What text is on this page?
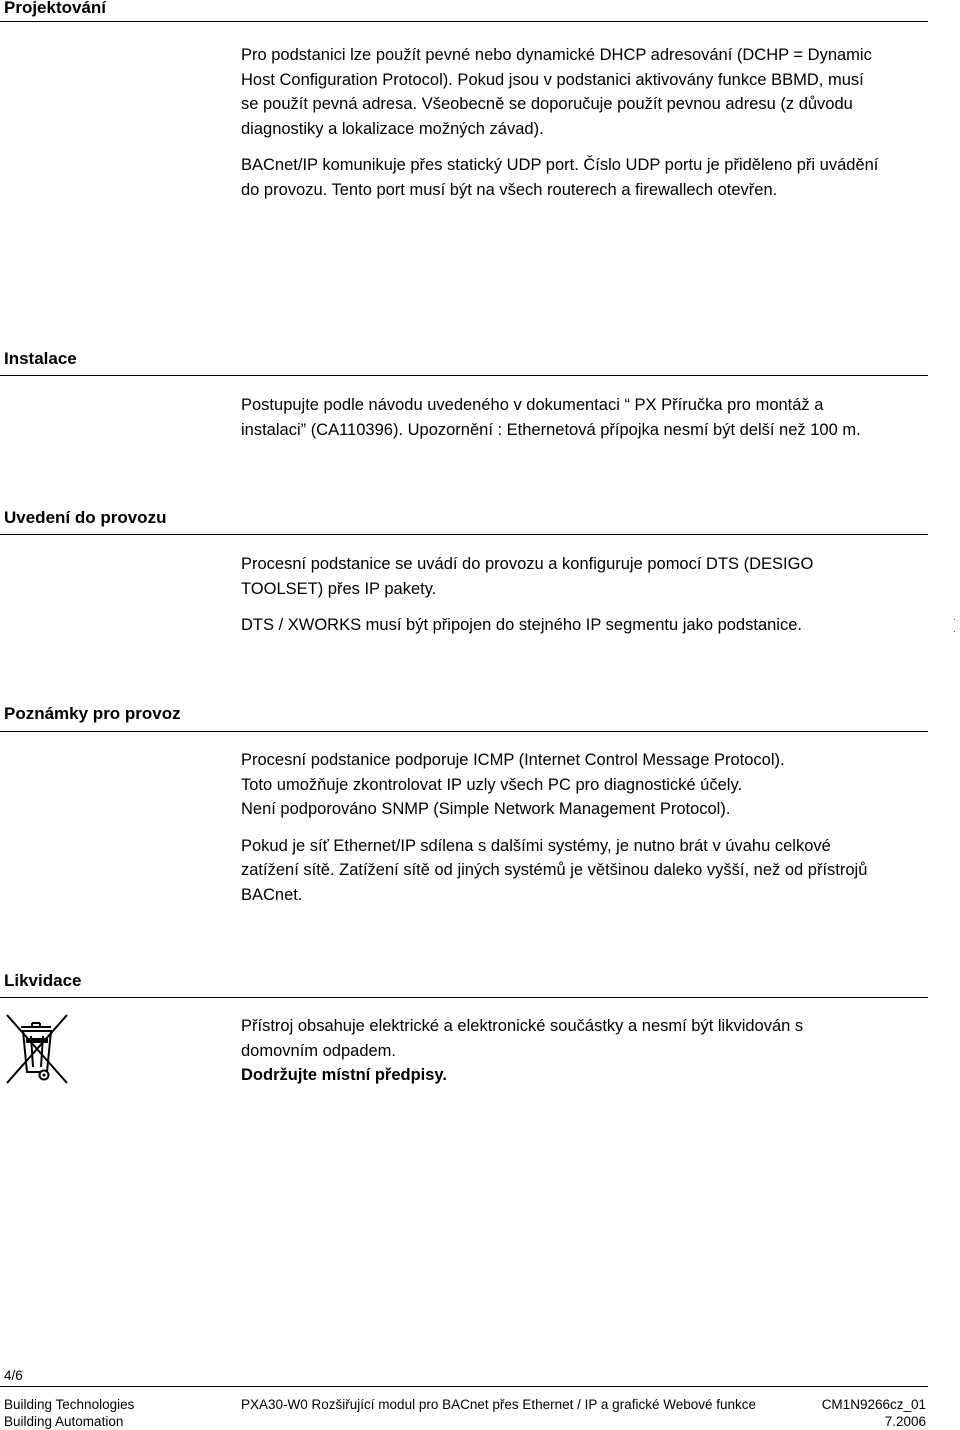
Projektování

Pro podstanici lze použít pevné nebo dynamické DHCP adresování (DCHP = Dynamic
Host Configuration Protocol). Pokud jsou v podstanici aktivovány funkce BBMD, musí
se použít pevná adresa. Všeobecně se doporučuje použít pevnou adresu (z důvodu
diagnostiky a lokalizace možných závad).

BACnet/IP komunikuje přes statický UDP port. Číslo UDP portu je přiděleno při uvádění
do provozu. Tento port musí být na všech routerech a firewallech otevřen.

Instalace

Postupujte podle návodu uvedeného v dokumentaci “ PX Příručka pro montáž a
instalaci” (CA110396). Upozornění : Ethernetová přípojka nesmí být delší než 100 m.

Uvedení do provozu

Procesní podstanice se uvádí do provozu a konfiguruje pomocí DTS (DESIGO
TOOLSET) přes IP pakety.

DTS / XWORKS musí být připojen do stejného IP segmentu jako podstanice.	.
.
Poznámky pro provoz

Procesní podstanice podporuje ICMP (Internet Control Message Protocol).
Toto umožňuje zkontrolovat IP uzly všech PC pro diagnostické účely.
Není podporováno SNMP (Simple Network Management Protocol).

Pokud je síť Ethernet/IP sdílena s dalšími systémy, je nutno brát v úvahu celkové
zatížení sítě. Zatížení sítě od jiných systémů je většinou daleko vyšší, než od přístrojů
BACnet.

Likvidace

Přístroj obsahuje elektrické a elektronické součástky a nesmí být likvidován s
domovním odpadem.
Dodržujte místní předpisy.

4/6
Building Technologies
Building Automation
PXA30-W0 Rozšiřující modul pro BACnet přes Ethernet / IP a grafické Webové funkce	CM1N9266cz_01
7.2006
